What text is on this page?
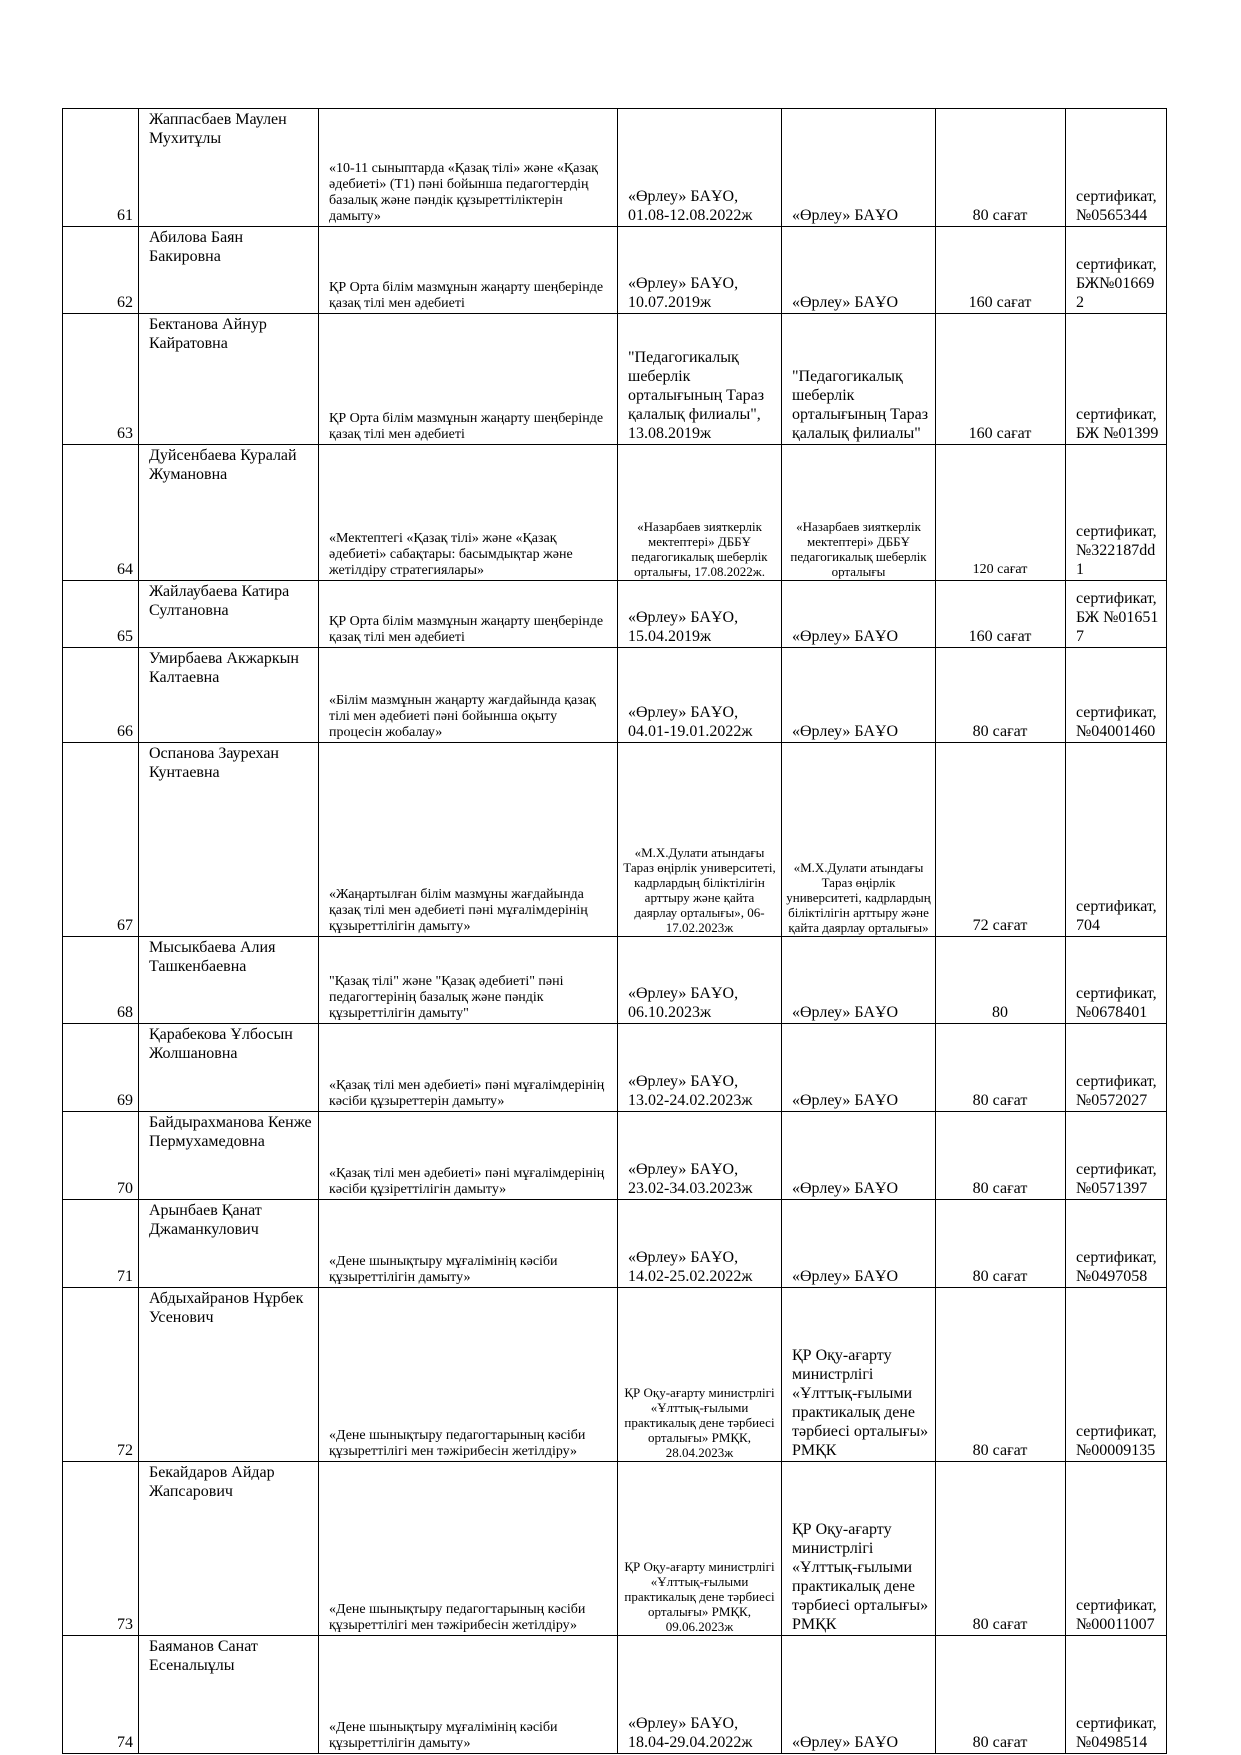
61	Жаппасбаев Маулен Мухитұлы	«10-11 сыныптарда «Қазақ тілі» және «Қазақ әдебиеті» (Т1) пәні бойынша педагогтердің базалық және пәндік құзыреттіліктерін дамыту»	«Өрлеу» БАҰО, 01.08-12.08.2022ж	«Өрлеу» БАҰО	80 сағат	сертификат, №0565344
62	Абилова Баян Бакировна	ҚР Орта білім мазмұнын жаңарту шеңберінде қазақ тілі мен әдебиеті	«Өрлеу» БАҰО, 10.07.2019ж	«Өрлеу» БАҰО	160 сағат	сертификат, БЖ№016692
63	Бектанова Айнур Кайратовна	ҚР Орта білім мазмұнын жаңарту шеңберінде қазақ тілі мен әдебиеті	"Педагогикалық шеберлік орталығының Тараз қалалық филиалы", 13.08.2019ж	"Педагогикалық шеберлік орталығының Тараз қалалық филиалы"	160 сағат	сертификат, БЖ №01399
64	Дуйсенбаева Куралай Жумановна	«Мектептегі «Қазақ тілі» және «Қазақ әдебиеті» сабақтары: басымдықтар және жетілдіру стратегиялары»	«Назарбаев зияткерлік мектептері» ДББҰ педагогикалық шеберлік орталығы, 17.08.2022ж.	«Назарбаев зияткерлік мектептері» ДББҰ педагогикалық шеберлік орталығы	120 сағат	сертификат, №322187dd1
65	Жайлаубаева Катира Султановна	ҚР Орта білім мазмұнын жаңарту шеңберінде қазақ тілі мен әдебиеті	«Өрлеу» БАҰО, 15.04.2019ж	«Өрлеу» БАҰО	160 сағат	сертификат, БЖ №016517
66	Умирбаева Акжаркын Калтаевна	«Білім мазмұнын жаңарту жағдайында қазақ тілі мен әдебиеті пәні бойынша оқыту процесін жобалау»	«Өрлеу» БАҰО, 04.01-19.01.2022ж	«Өрлеу» БАҰО	80 сағат	сертификат, №04001460
67	Оспанова Заурехан Кунтаевна	«Жаңартылған білім мазмұны жағдайында қазақ тілі мен әдебиеті пәні мұғалімдерінің құзыреттілігін дамыту»	«М.Х.Дулати атындағы Тараз өңірлік университеті, кадрлардың біліктілігін арттыру және қайта даярлау орталығы», 06-17.02.2023ж	«М.Х.Дулати атындағы Тараз өңірлік университеті, кадрлардың біліктілігін арттыру және қайта даярлау орталығы»	72 сағат	сертификат, 704
68	Мысыкбаева Алия Ташкенбаевна	"Қазақ тілі" және "Қазақ әдебиеті" пәні педагогтерінің базалық және пәндік құзыреттілігін дамыту"	«Өрлеу» БАҰО, 06.10.2023ж	«Өрлеу» БАҰО	80	сертификат, №0678401
69	Қарабекова Ұлбосын Жолшановна	«Қазақ тілі мен әдебиеті» пәні мұғалімдерінің кәсіби құзыреттерін дамыту»	«Өрлеу» БАҰО, 13.02-24.02.2023ж	«Өрлеу» БАҰО	80 сағат	сертификат, №0572027
70	Байдырахманова Кенже Пермухамедовна	«Қазақ тілі мен әдебиеті» пәні мұғалімдерінің кәсіби құзіреттілігін дамыту»	«Өрлеу» БАҰО, 23.02-34.03.2023ж	«Өрлеу» БАҰО	80 сағат	сертификат, №0571397
71	Арынбаев Қанат Джаманкулович	«Дене шынықтыру мұғалімінің кәсіби құзыреттілігін дамыту»	«Өрлеу» БАҰО, 14.02-25.02.2022ж	«Өрлеу» БАҰО	80 сағат	сертификат, №0497058
72	Абдыхайранов Нұрбек Усенович	«Дене шынықтыру педагогтарының кәсіби құзыреттілігі мен тәжірибесін жетілдіру»	ҚР Оқу-ағарту министрлігі «Ұлттық-ғылыми практикалық дене тәрбиесі орталығы» РМҚК, 28.04.2023ж	ҚР Оқу-ағарту министрлігі «Ұлттық-ғылыми практикалық дене тәрбиесі орталығы» РМҚК	80 сағат	сертификат, №00009135
73	Бекайдаров Айдар Жапсарович	«Дене шынықтыру педагогтарының кәсіби құзыреттілігі мен тәжірибесін жетілдіру»	ҚР Оқу-ағарту министрлігі «Ұлттық-ғылыми практикалық дене тәрбиесі орталығы» РМҚК, 09.06.2023ж	ҚР Оқу-ағарту министрлігі «Ұлттық-ғылыми практикалық дене тәрбиесі орталығы» РМҚК	80 сағат	сертификат, №00011007
74	Баяманов Санат Есеналыұлы	«Дене шынықтыру мұғалімінің кәсіби құзыреттілігін дамыту»	«Өрлеу» БАҰО, 18.04-29.04.2022ж	«Өрлеу» БАҰО	80 сағат	сертификат, №0498514
